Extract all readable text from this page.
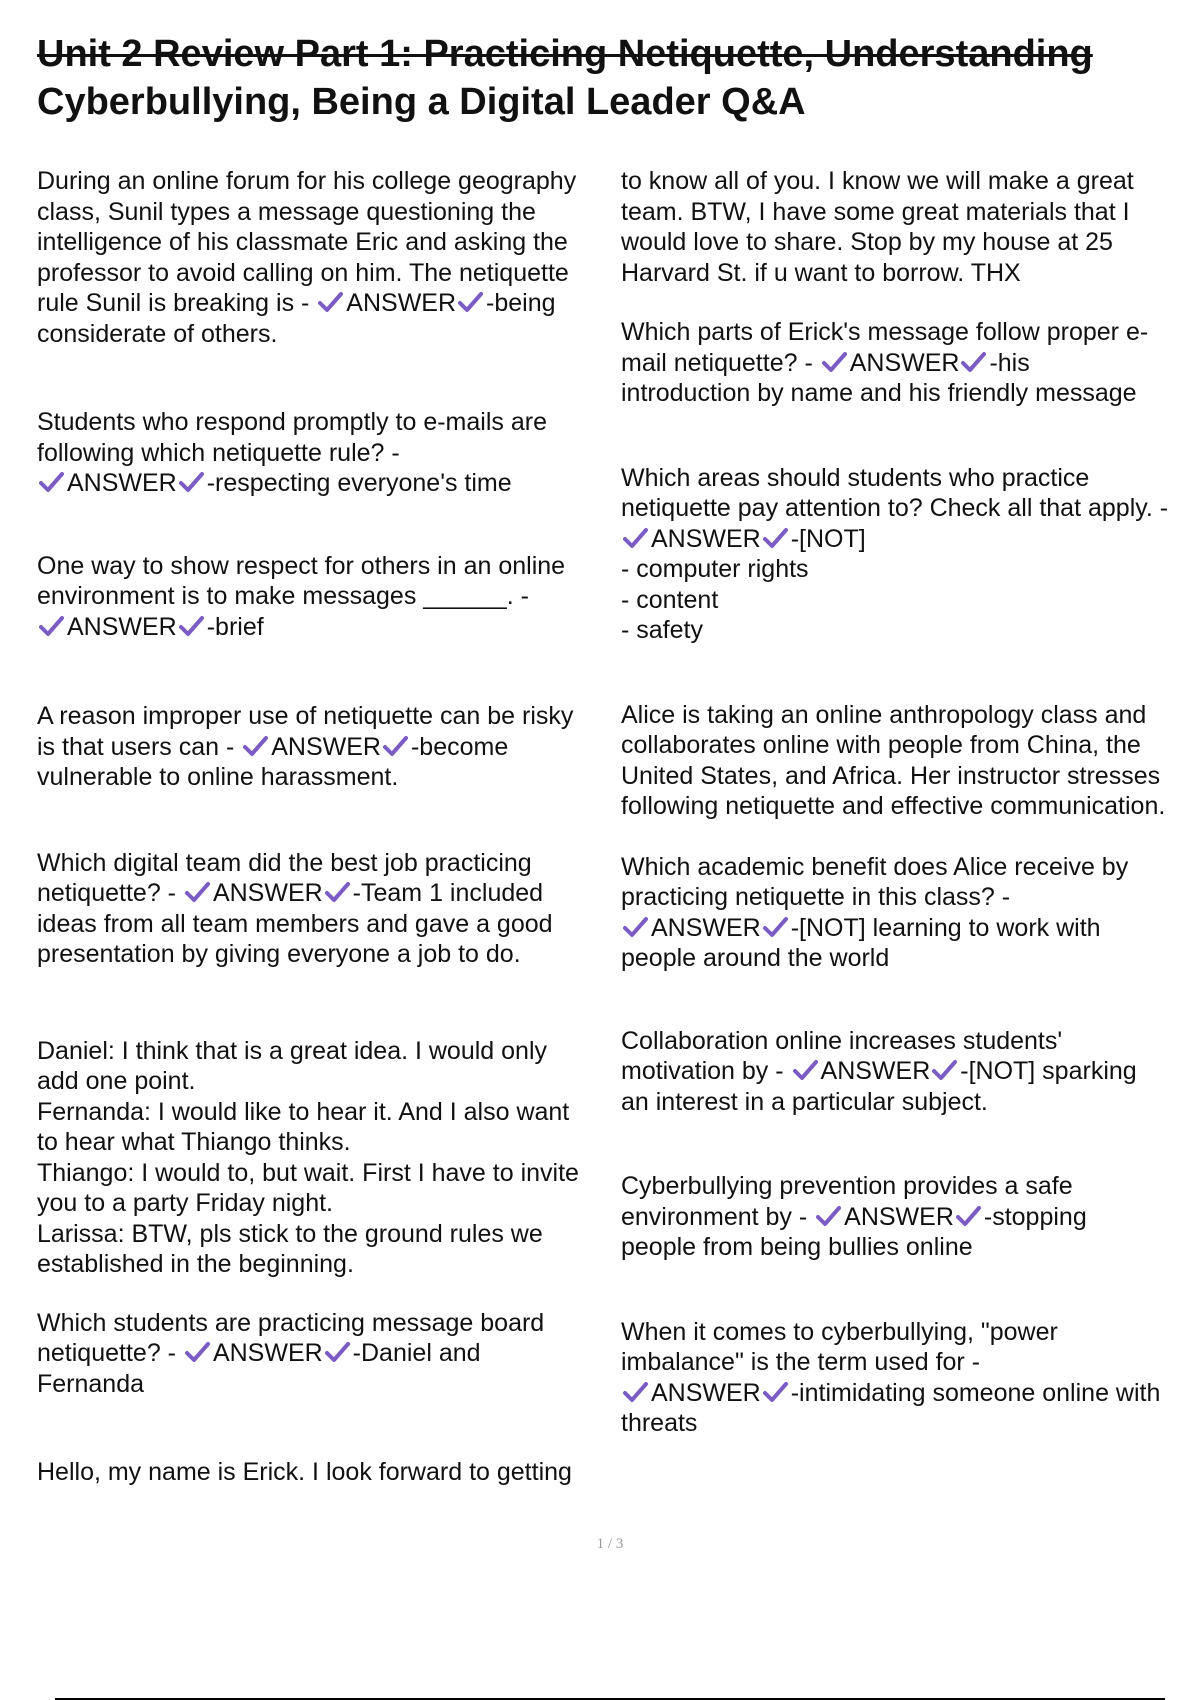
Unit 2 Review Part 1: Practicing Netiquette, Understanding
Cyberbullying, Being a Digital Leader Q&A
During an online forum for his college geography
class, Sunil types a message questioning the
intelligence of his classmate Eric and asking the
professor to avoid calling on him. The netiquette
rule Sunil is breaking is -
ANSWER -being
considerate of others.
Students who respond promptly to e-mails are
following which netiquette rule? -
ANSWER -respecting everyone's time
One way to show respect for others in an online
environment is to make messages ______. -
ANSWER -brief
A reason improper use of netiquette can be risky
is that users can -
ANSWER -become
vulnerable to online harassment.
Which digital team did the best job practicing
netiquette? -
ANSWER -Team 1 included
ideas from all team members and gave a good
presentation by giving everyone a job to do.
Daniel: I think that is a great idea. I would only
add one point.
Fernanda: I would like to hear it. And I also want
to hear what Thiango thinks.
Thiango: I would to, but wait. First I have to invite
you to a party Friday night.
Larissa: BTW, pls stick to the ground rules we
established in the beginning.
Which students are practicing message board
netiquette? -
ANSWER -Daniel and
Fernanda
Hello, my name is Erick. I look forward to getting
to know all of you. I know we will make a great
team. BTW, I have some great materials that I
would love to share. Stop by my house at 25
Harvard St. if u want to borrow. THX
Which parts of Erick's message follow proper e-
mail netiquette? -
ANSWER -his
introduction by name and his friendly message
Which areas should students who practice
netiquette pay attention to? Check all that apply. -
ANSWER -[NOT]
- computer rights
- content
- safety
Alice is taking an online anthropology class and
collaborates online with people from China, the
United States, and Africa. Her instructor stresses
following netiquette and effective communication.
Which academic benefit does Alice receive by
practicing netiquette in this class? -
ANSWER -[NOT] learning to work with
people around the world
Collaboration online increases students'
motivation by -
ANSWER -[NOT] sparking
an interest in a particular subject.
Cyberbullying prevention provides a safe
environment by -
ANSWER -stopping
people from being bullies online
When it comes to cyberbullying, "power
imbalance" is the term used for -
ANSWER -intimidating someone online with
threats
1 / 3
